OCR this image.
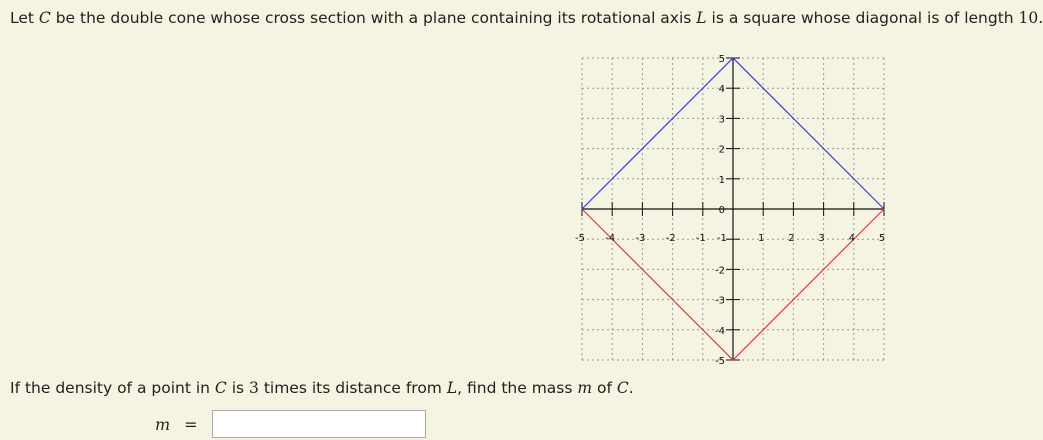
Let C be the double cone whose cross section with a plane containing its rotational axis L is a square whose diagonal is of length 10.
-5 -4 -3 -2 -1 -1	1 2 3 4 5
5
4
3
2
1
0
-2
-3
-4
-5
If the density of a point in C is 3 times its distance from L, find the mass m of C.
m =
